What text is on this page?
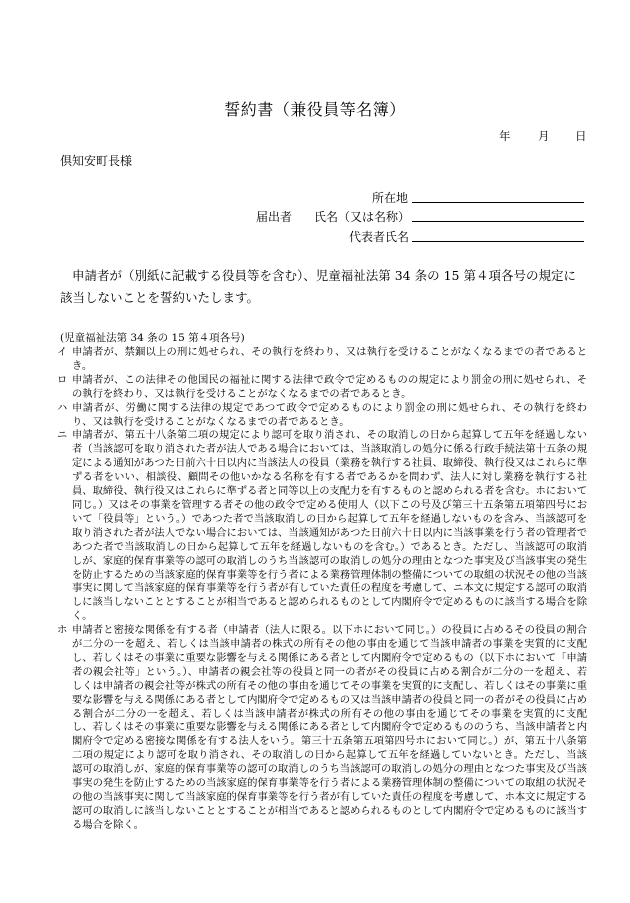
誓約書（兼役員等名簿）
年 月 日
倶知安町長様
所在地
届出者 氏名（又は名称）
代表者氏名
申請者が（別紙に記載する役員等を含む）、児童福祉法第 34 条の 15 第４項各号の規定に該当しないことを誓約いたします。
(児童福祉法第 34 条の 15 第４項各号)
イ 申請者が、禁錮以上の刑に処せられ、その執行を終わり、又は執行を受けることがなくなるまでの者であるとき。
ロ 申請者が、この法律その他国民の福祉に関する法律で政令で定めるものの規定により罰金の刑に処せられ、その執行を終わり、又は執行を受けることがなくなるまでの者であるとき。
ハ 申請者が、労働に関する法律の規定であつて政令で定めるものにより罰金の刑に処せられ、その執行を終わり、又は執行を受けることがなくなるまでの者であるとき。
ニ 申請者が、第五十八条第二項の規定により認可を取り消され、その取消しの日から起算して五年を経過しない者（当該認可を取り消された者が法人である場合においては、当該取消しの処分に係る行政手続法第十五条の規定による通知があつた日前六十日以内に当該法人の役員（業務を執行する社員、取締役、執行役又はこれらに準ずる者をいい、相談役、顧問その他いかなる名称を有する者であるかを問わず、法人に対し業務を執行する社員、取締役、執行役又はこれらに準ずる者と同等以上の支配力を有するものと認められる者を含む。ホにおいて同じ。）又はその事業を管理する者その他の政令で定める使用人（以下この号及び第三十五条第五項第四号において「役員等」という。）であつた者で当該取消しの日から起算して五年を経過しないものを含み、当該認可を取り消された者が法人でない場合においては、当該通知があつた日前六十日以内に当該事業を行う者の管理者であつた者で当該取消しの日から起算して五年を経過しないものを含む。）であるとき。ただし、当該認可の取消しが、家庭的保育事業等の認可の取消しのうち当該認可の取消しの処分の理由となつた事実及び当該事実の発生を防止するための当該家庭的保育事業等を行う者による業務管理体制の整備についての取組の状況その他の当該事実に関して当該家庭的保育事業等を行う者が有していた責任の程度を考慮して、ニ本文に規定する認可の取消しに該当しないこととすることが相当であると認められるものとして内閣府令で定めるものに該当する場合を除く。
ホ 申請者と密接な関係を有する者（申請者（法人に限る。以下ホにおいて同じ。）の役員に占めるその役員の割合が二分の一を超え、若しくは当該申請者の株式の所有その他の事由を通じて当該申請者の事業を実質的に支配し、若しくはその事業に重要な影響を与える関係にある者として内閣府令で定めるもの（以下ホにおいて「申請者の親会社等」という。）、申請者の親会社等の役員と同一の者がその役員に占める割合が二分の一を超え、若しくは申請者の親会社等が株式の所有その他の事由を通じてその事業を実質的に支配し、若しくはその事業に重要な影響を与える関係にある者として内閣府令で定めるもの又は当該申請者の役員と同一の者がその役員に占める割合が二分の一を超え、若しくは当該申請者が株式の所有その他の事由を通じてその事業を実質的に支配し、若しくはその事業に重要な影響を与える関係にある者として内閣府令で定めるもののうち、当該申請者と内閣府令で定める密接な関係を有する法人をいう。第三十五条第五項第四号ホにおいて同じ。）が、第五十八条第二項の規定により認可を取り消され、その取消しの日から起算して五年を経過していないとき。ただし、当該認可の取消しが、家庭的保育事業等の認可の取消しのうち当該認可の取消しの処分の理由となつた事実及び当該事実の発生を防止するための当該家庭的保育事業等を行う者による業務管理体制の整備についての取組の状況その他の当該事実に関して当該家庭的保育事業等を行う者が有していた責任の程度を考慮して、ホ本文に規定する認可の取消しに該当しないこととすることが相当であると認められるものとして内閣府令で定めるものに該当する場合を除く。
